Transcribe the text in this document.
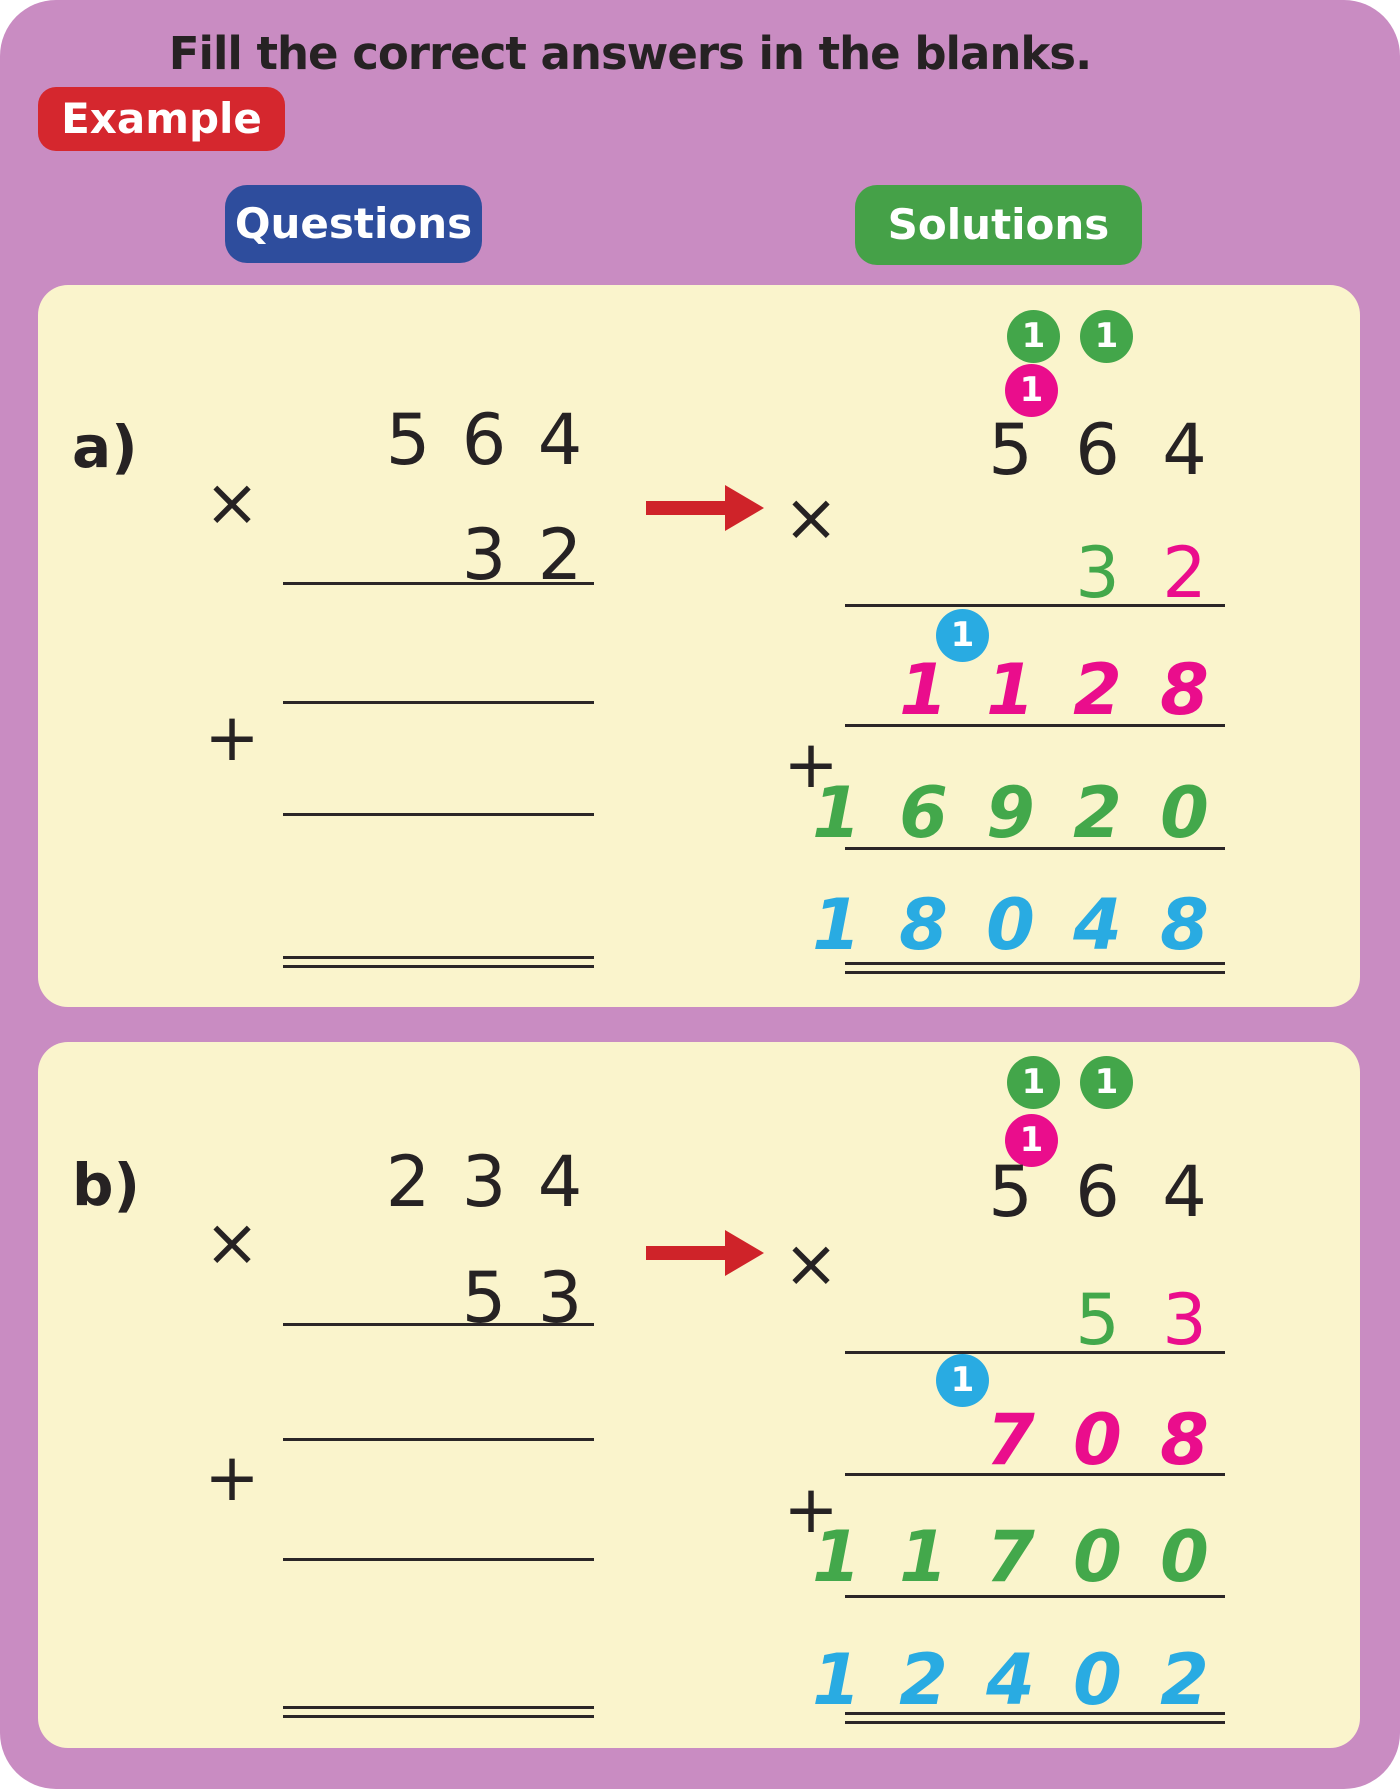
Fill the correct answers in the blanks.
Example
Questions	Solutions
a)	5 6 4
×
3 2
+
1	1
1
5 6 4
×
3 2
1
1 1 2 8
+
1 6 9 2 0
1 8 0 4 8
b)	2 3 4
×
5 3
+
1	1
1
5 6 4
×
5 3
1
7 0 8
+
1 1 7 0 0
1 2 4 0 2
